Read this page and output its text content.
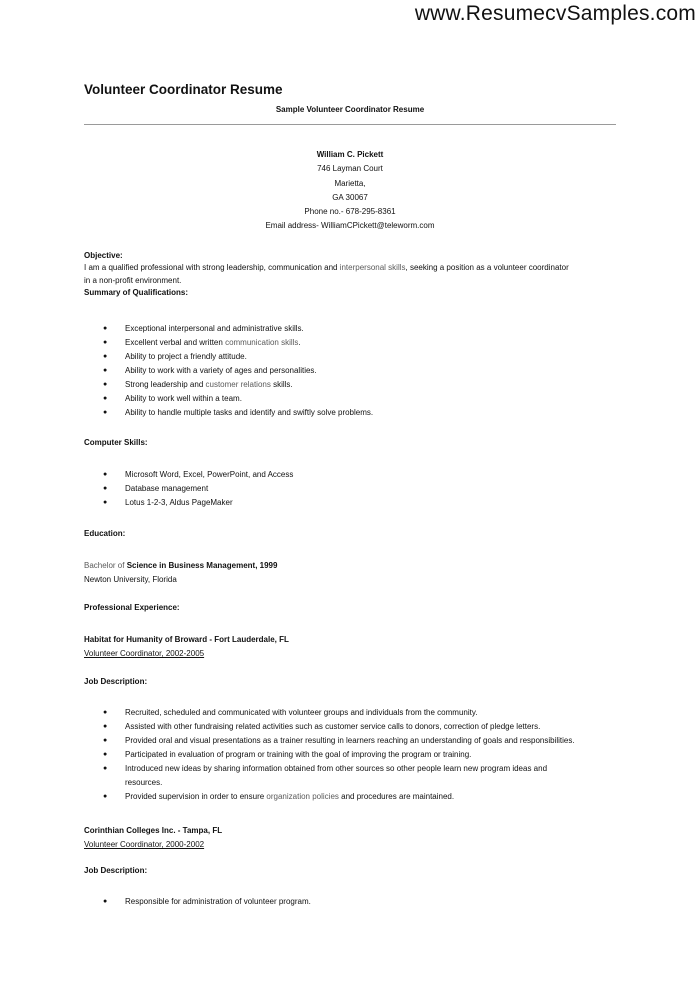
www.ResumecvSamples.com
Volunteer Coordinator Resume
Sample Volunteer Coordinator Resume
William C. Pickett
746 Layman Court
Marietta,
GA 30067
Phone no.- 678-295-8361
Email address- WilliamCPickett@teleworm.com
Objective:
I am a qualified professional with strong leadership, communication and interpersonal skills, seeking a position as a volunteer coordinator
in a non-profit environment.
Summary of Qualifications:
● Exceptional interpersonal and administrative skills.
● Excellent verbal and written communication skills.
● Ability to project a friendly attitude.
● Ability to work with a variety of ages and personalities.
● Strong leadership and customer relations skills.
● Ability to work well within a team.
● Ability to handle multiple tasks and identify and swiftly solve problems.
Computer Skills:
● Microsoft Word, Excel, PowerPoint, and Access
● Database management
● Lotus 1-2-3, Aldus PageMaker
Education:
Bachelor of Science in Business Management, 1999
Newton University, Florida
Professional Experience:
Habitat for Humanity of Broward - Fort Lauderdale, FL
Volunteer Coordinator, 2002-2005
Job Description:
● Recruited, scheduled and communicated with volunteer groups and individuals from the community.
● Assisted with other fundraising related activities such as customer service calls to donors, correction of pledge letters.
● Provided oral and visual presentations as a trainer resulting in learners reaching an understanding of goals and responsibilities.
● Participated in evaluation of program or training with the goal of improving the program or training.
● Introduced new ideas by sharing information obtained from other sources so other people learn new program ideas and
resources.
● Provided supervision in order to ensure organization policies and procedures are maintained.
Corinthian Colleges Inc. - Tampa, FL
Volunteer Coordinator, 2000-2002
Job Description:
● Responsible for administration of volunteer program.
